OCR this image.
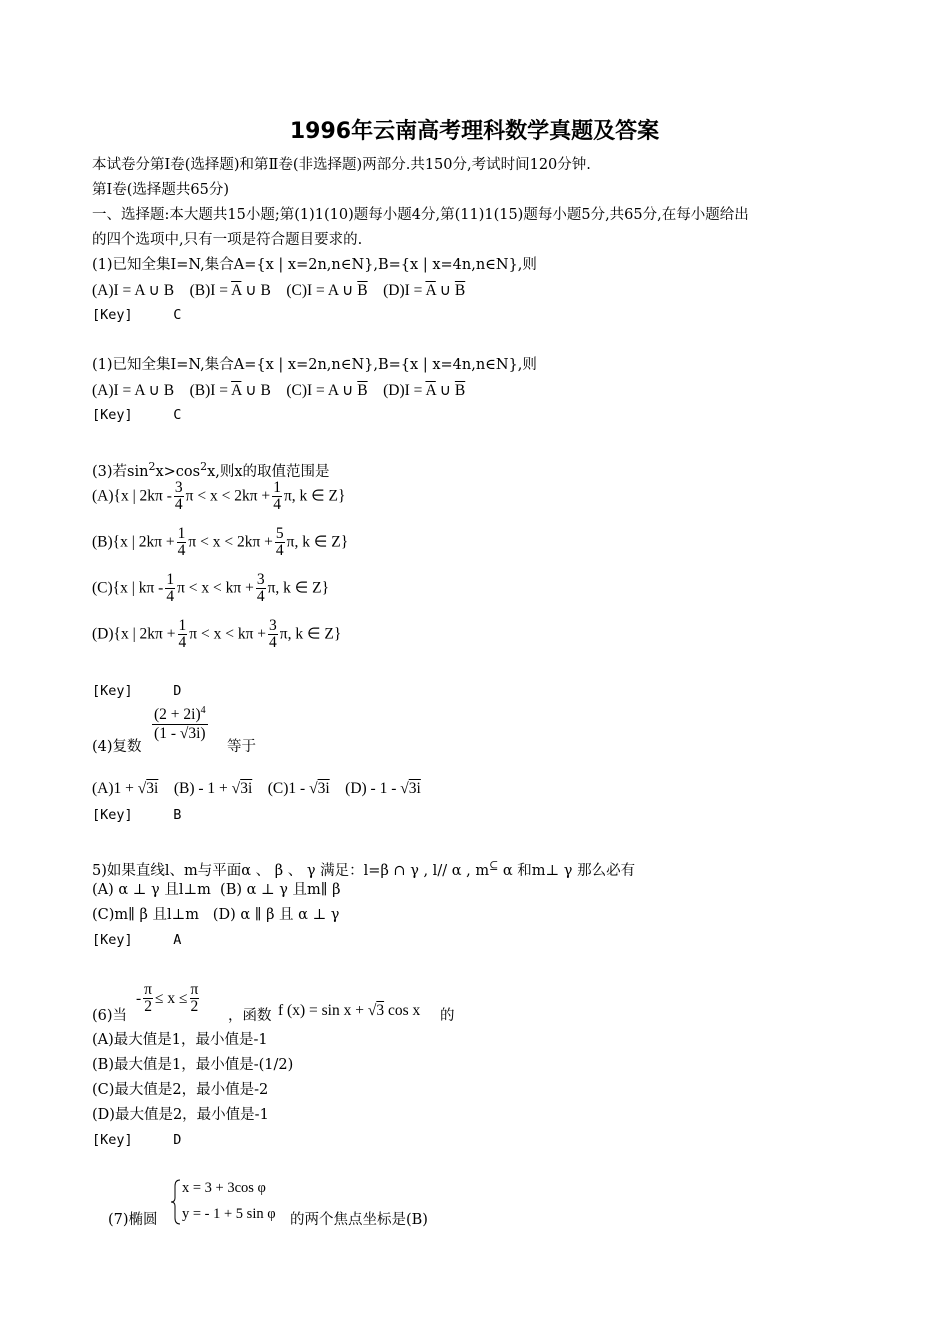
1996年云南高考理科数学真题及答案
本试卷分第Ⅰ卷(选择题)和第Ⅱ卷(非选择题)两部分.共150分,考试时间120分钟.
第Ⅰ卷(选择题共65分)
一、选择题:本大题共15小题;第(1)1(10)题每小题4分,第(11)1(15)题每小题5分,共65分,在每小题给出
的四个选项中,只有一项是符合题目要求的.
(1)已知全集I=N,集合A={x | x=2n,n∈N},B={x | x=4n,n∈N},则
(A)I = A ∪ B $(B)I = \overline{A}$ ∪ B (C)I = A ∪ $\overline{B}$ $(D)I = \overline{A}$ ∪ $\overline{B}$
[Key]     C
(1)已知全集I=N,集合A={x | x=2n,n∈N},B={x | x=4n,n∈N},则
(A)I = A ∪ B $(B)I = \overline{A}$ ∪ B (C)I = A ∪ $\overline{B}$ $(D)I = \overline{A}$ ∪ $\overline{B}$
[Key]     C
(3)若$\sin^2x>\cos^2x$,则x的取值范围是
(A){x | $2k\pi - \frac{3}{4}$ $\pi < x < 2k\pi + \frac{1}{4} \pi$, k ∈ Z}
(B){x | $2k\pi + \frac{1}{4}$ $\pi < x < 2k\pi + \frac{5}{4} \pi$, k ∈ Z}
(C){x | kπ - $\frac{1}{4}$ $\pi < x < k\pi + \frac{3}{4} \pi$, k ∈ Z}
(D){x | $2k\pi + \frac{1}{4}$ $\pi < x < k\pi + \frac{3}{4} \pi$, k ∈ Z}
[Key]     D
(4)复数
$\frac{(2 + 2i)^4}{(1 - √3i)}$
等于
(A)1 + √3i (B) - 1 + √3i (C)1 - √3i (D) - 1 - √3i
[Key]     B
5)如果直线l、m与平面α 、 β 、 γ 满足：l=β ∩ γ , l// α , m⊆ α 和m⊥ γ 那么必有
(A) α ⊥ γ 且l⊥m  (B) α ⊥ γ 且m∥ β
(C)m∥ β 且l⊥m   (D) α ∥ β 且 α ⊥ γ
[Key]     A
(6)当
- $\frac{\pi}{2} \le x \le \frac{\pi}{2}$
，函数 f (x) = sin x + √3 cos x 的
(A)最大值是1，最小值是-1
(B)最大值是1，最小值是-(1/2)
(C)最大值是2，最小值是-2
(D)最大值是2，最小值是-1
[Key]     D
(7)椭圆
x = 3 + 3cos φ
y = - 1 + 5 sin φ 的两个焦点坐标是(B)
